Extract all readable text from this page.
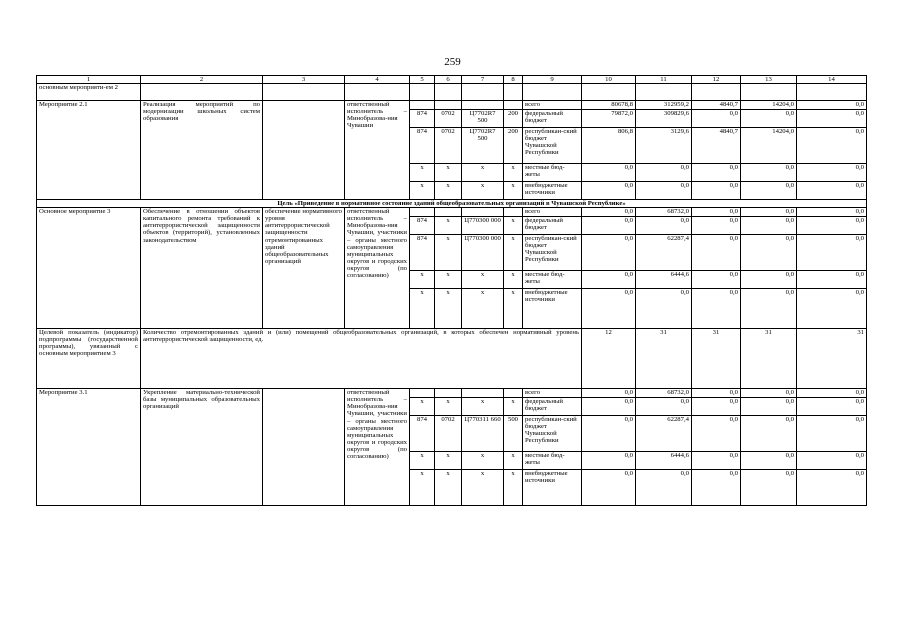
259
1	2	3	4	5	6	7	8	9	10	11	12	13	14
основным мероприяти-ем 2													
Мероприятие 2.1	Реализация мероприятий по модернизации школьных систем образования		ответственный исполнитель – Минобразова-ния Чувашии					всего	80678,8	312959,2	4840,7	14204,0	0,0
				874	0702	Ц7702R7 500	200	федеральный бюджет	79872,0	309829,6	0,0	0,0	0,0
				874	0702	Ц7702R7 500	200	республикан-ский бюджет Чувашской Республики	806,8	3129,6	4840,7	14204,0	0,0
				x	x	x	x	местные бюд-жеты	0,0	0,0	0,0	0,0	0,0
				x	x	x	x	внебюджетные источники	0,0	0,0	0,0	0,0	0,0
Цель «Приведение в нормативное состояние зданий общеобразовательных организаций в Чувашской Республике»													
Основное мероприятие 3	Обеспечение в отношении объектов капитального ремонта требований к антитеррористической защищенности объектов (территорий), установленных законодательством	обеспечение нормативного уровня антитеррористической защищенности отремонтированных зданий общеобразовательных организаций	ответственный исполнитель – Минобразова-ния Чувашии, участники – органы местного самоуправления муниципальных округов и городских округов (по согласованию)					всего	0,0	68732,0	0,0	0,0	0,0
				874	x	Ц770300 000	x	федеральный бюджет	0,0	0,0	0,0	0,0	0,0
				874	x	Ц770300 000	x	республикан-ский бюджет Чувашской Республики	0,0	62287,4	0,0	0,0	0,0
				x	x	x	x	местные бюд-жеты	0,0	6444,6	0,0	0,0	0,0
				x	x	x	x	внебюджетные источники	0,0	0,0	0,0	0,0	0,0
Целевой показатель (индикатор) подпрограммы (государственной программы), увязанный с основным мероприятием 3	Количество отремонтированных зданий и (или) помещений общеобразовательных организаций, в которых обеспечен нормативный уровень антитеррористической защищенности, ед.								12	31	31	31	31
Мероприятие 3.1	Укрепление материально-технической базы муниципальных образовательных организаций		ответственный исполнитель – Минобразова-ния Чувашии, участники – органы местного самоуправления муниципальных округов и городских округов (по согласованию)					всего	0,0	68732,0	0,0	0,0	0,0
				x	x	x	x	федеральный бюджет	0,0	0,0	0,0	0,0	0,0
				874	0702	Ц770311 660	500	республикан-ский бюджет Чувашской Республики	0,0	62287,4	0,0	0,0	0,0
				x	x	x	x	местные бюд-жеты	0,0	6444,6	0,0	0,0	0,0
				x	x	x	x	внебюджетные источники	0,0	0,0	0,0	0,0	0,0
